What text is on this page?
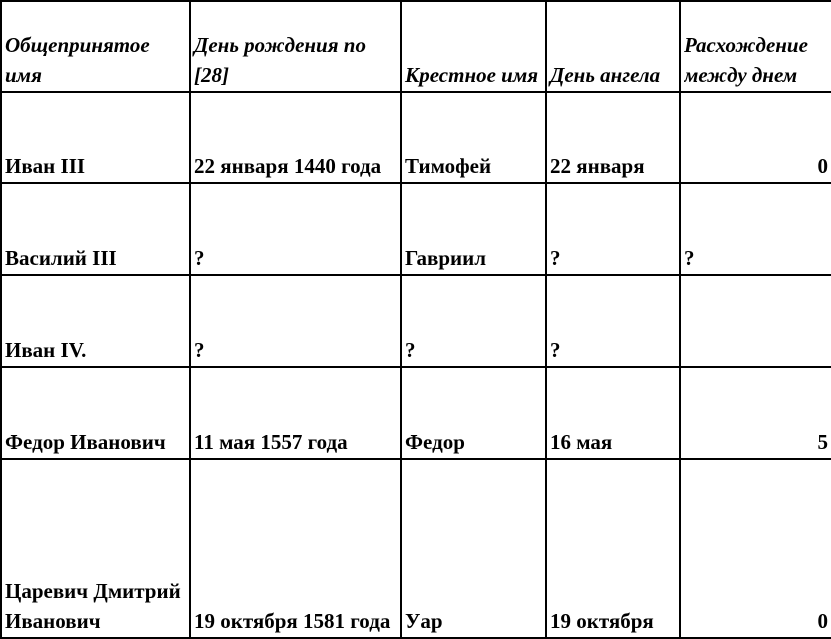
Общепринятое имя	День рождения по [28]	Крестное имя	День ангела	Расхождение между днем

Иван III	22 января 1440 года	Тимофей	22 января	0
Василий III	?	Гавриил	?	?
Иван IV.	?	?	?	
Федор Иванович	11 мая 1557 года	Федор	16 мая	5
Царевич Дмитрий Иванович	19 октября 1581 года	Уар	19 октября	0
